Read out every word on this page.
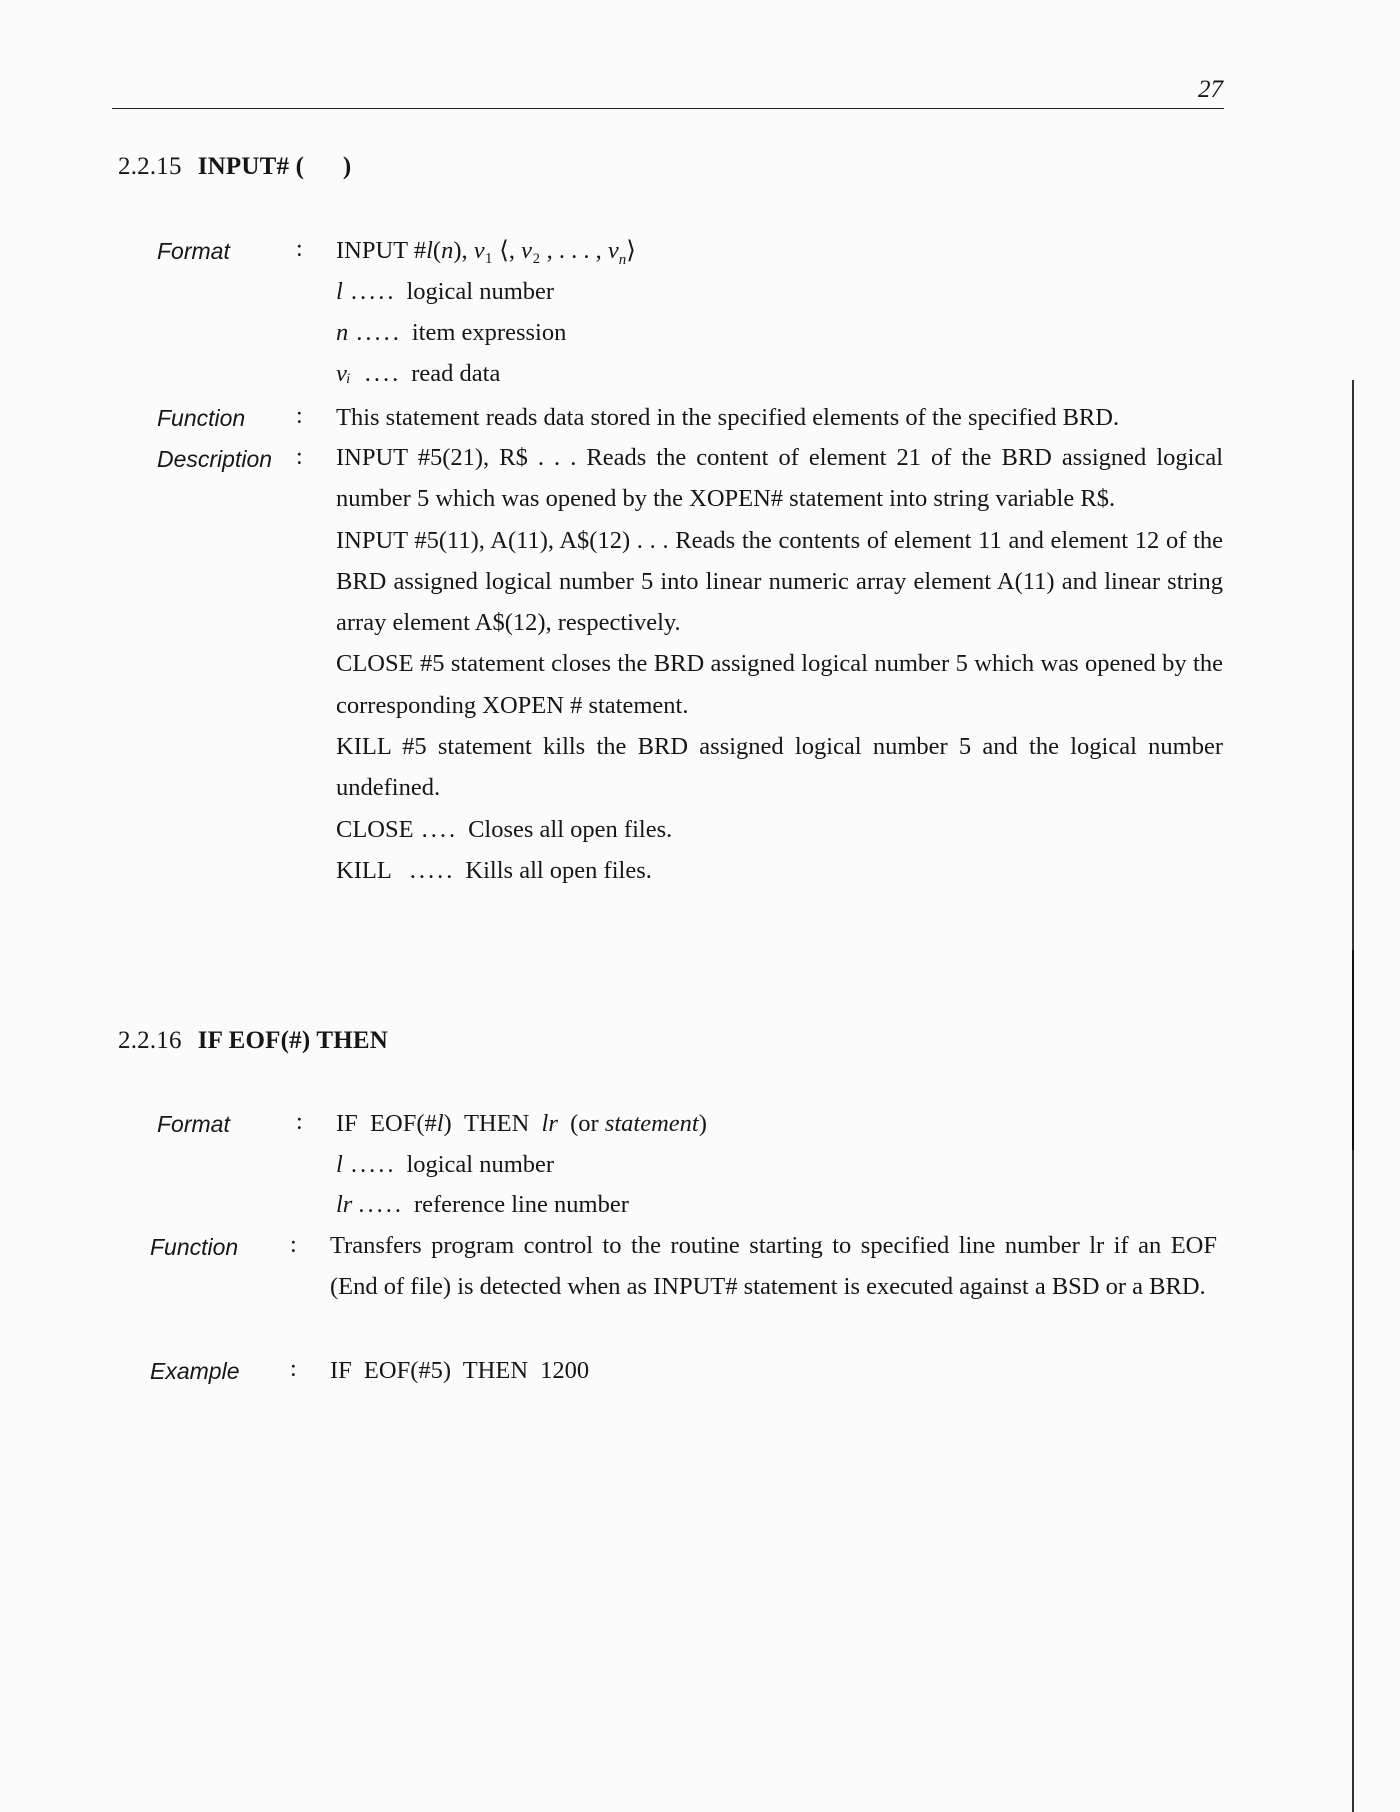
27
2.2.15 INPUT# (      )
Format	: INPUT #l(n), v₁ ⟨, v₂ , . . . , $v_n⟩$
l ..... logical number
n ..... item expression
vᵢ .... read data
Function : This statement reads data stored in the specified elements of the specified BRD.
Description : INPUT #5(21), R$ . . . Reads the content of element 21 of the BRD assigned logical number 5 which was opened by the XOPEN# statement into string variable R$.
INPUT #5(11), A(11), A$(12) . . . Reads the contents of element 11 and element 12 of the BRD assigned logical number 5 into linear numeric array element A(11) and linear string array element A$(12), respectively.
CLOSE #5 statement closes the BRD assigned logical number 5 which was opened by the corresponding XOPEN # statement.
KILL #5 statement kills the BRD assigned logical number 5 and the logical number undefined.
CLOSE .... Closes all open files.
KILL ..... Kills all open files.
2.2.16 IF EOF(#) THEN
Format	: IF  EOF(#l)  THEN  lr  (or statement)
l ..... logical number
lr ..... reference line number
Function : Transfers program control to the routine starting to specified line number lr if an EOF (End of file) is detected when as INPUT# statement is executed against a BSD or a BRD.
Example : IF EOF(#5) THEN 1200
